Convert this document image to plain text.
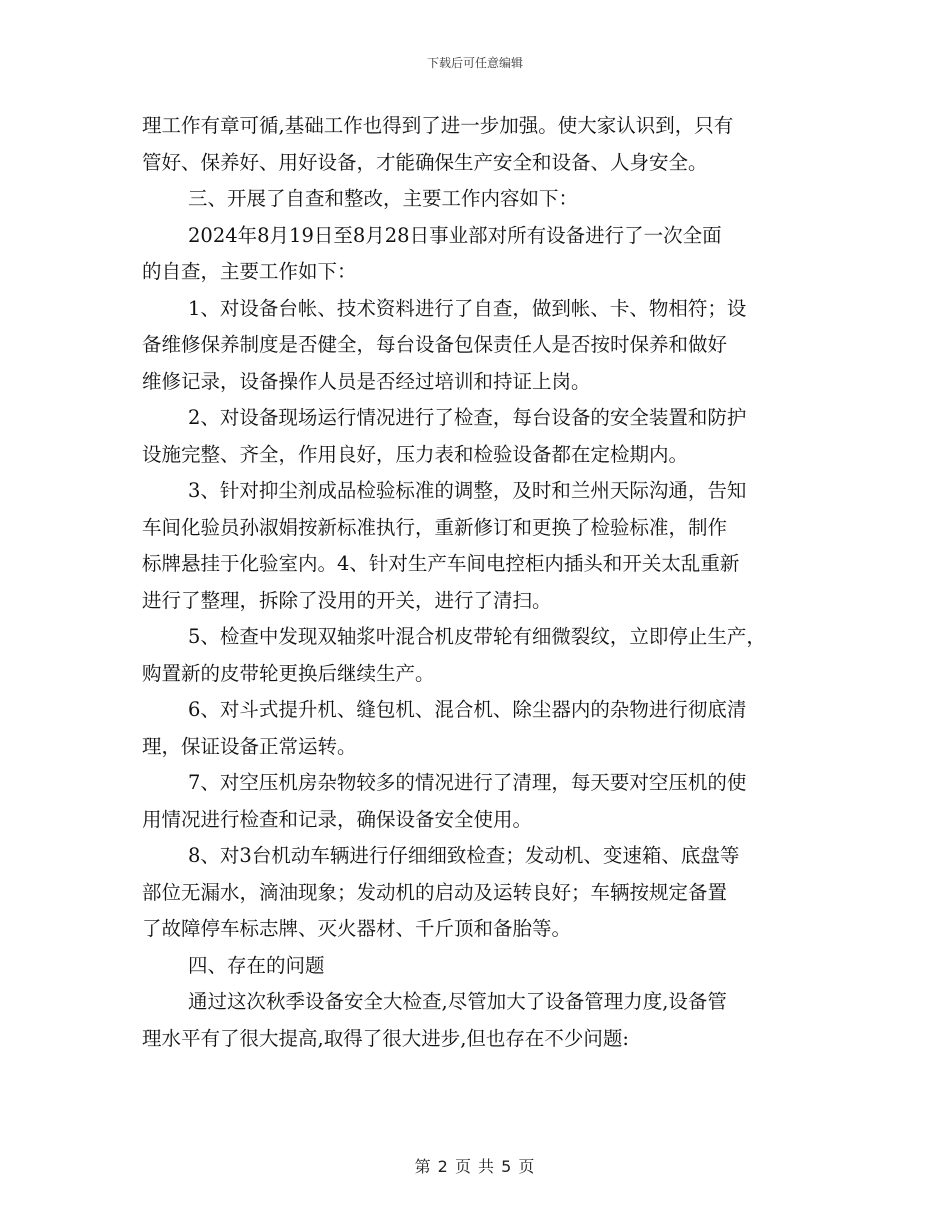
下载后可任意编辑
理工作有章可循,基础工作也得到了进一步加强。使大家认识到，只有
管好、保养好、用好设备，才能确保生产安全和设备、人身安全。
三、开展了自查和整改，主要工作内容如下：
2024年8月19日至8月28日事业部对所有设备进行了一次全面
的自查，主要工作如下：
1、对设备台帐、技术资料进行了自查，做到帐、卡、物相符；设
备维修保养制度是否健全，每台设备包保责任人是否按时保养和做好
维修记录，设备操作人员是否经过培训和持证上岗。
2、对设备现场运行情况进行了检查，每台设备的安全装置和防护
设施完整、齐全，作用良好，压力表和检验设备都在定检期内。
3、针对抑尘剂成品检验标准的调整，及时和兰州天际沟通，告知
车间化验员孙淑娟按新标准执行，重新修订和更换了检验标准，制作
标牌悬挂于化验室内。4、针对生产车间电控柜内插头和开关太乱重新
进行了整理，拆除了没用的开关，进行了清扫。
5、检查中发现双轴浆叶混合机皮带轮有细微裂纹，立即停止生产，
购置新的皮带轮更换后继续生产。
6、对斗式提升机、缝包机、混合机、除尘器内的杂物进行彻底清
理，保证设备正常运转。
7、对空压机房杂物较多的情况进行了清理，每天要对空压机的使
用情况进行检查和记录，确保设备安全使用。
8、对3台机动车辆进行仔细细致检查；发动机、变速箱、底盘等
部位无漏水，滴油现象；发动机的启动及运转良好；车辆按规定备置
了故障停车标志牌、灭火器材、千斤顶和备胎等。
四、存在的问题
通过这次秋季设备安全大检查,尽管加大了设备管理力度,设备管
理水平有了很大提高,取得了很大进步,但也存在不少问题:
第 2 页 共 5 页
